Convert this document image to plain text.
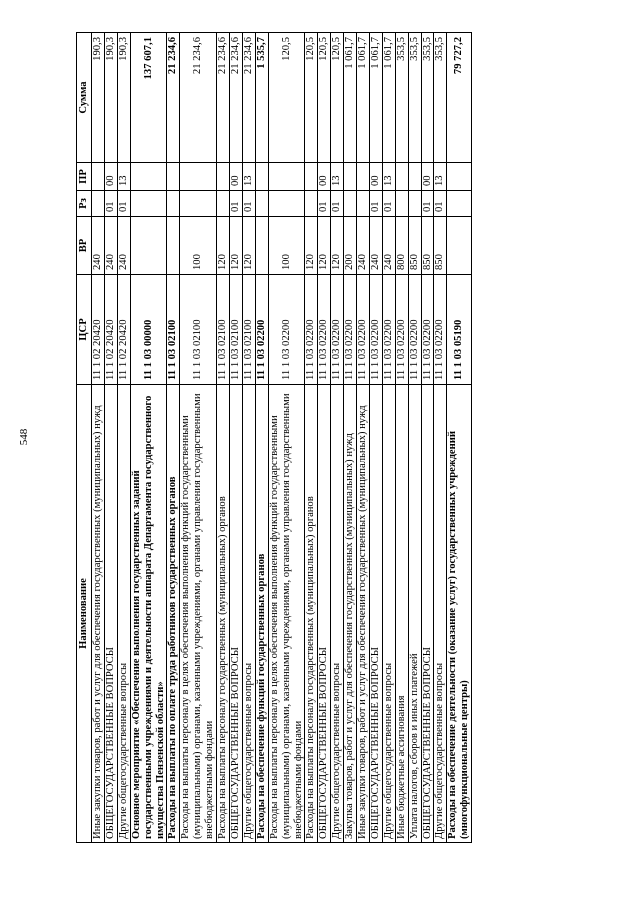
548
Наименование	ЦСР	ВР	Рз	ПР	Сумма
Иные закупки товаров, работ и услуг для обеспечения государственных (муниципальных) нужд	11 1 02 20420	240			190,3
ОБЩЕГОСУДАРСТВЕННЫЕ ВОПРОСЫ	11 1 02 20420	240	01	00	190,3
Другие общегосударственные вопросы	11 1 02 20420	240	01	13	190,3
Основное мероприятие «Обеспечение выполнения государственных заданий государственными учреждениями и деятельности аппарата Департамента государственного имущества Пензенской области»	11 1 03 00000				137 607,1
Расходы на выплаты по оплате труда работников государственных органов	11 1 03 02100				21 234,6
Расходы на выплаты персоналу в целях обеспечения выполнения функций государственными (муниципальными) органами, казенными учреждениями, органами управления государственными внебюджетными фондами	11 1 03 02100	100			21 234,6
Расходы на выплаты персоналу государственных (муниципальных) органов	11 1 03 02100	120			21 234,6
ОБЩЕГОСУДАРСТВЕННЫЕ ВОПРОСЫ	11 1 03 02100	120	01	00	21 234,6
Другие общегосударственные вопросы	11 1 03 02100	120	01	13	21 234,6
Расходы на обеспечение функций государственных органов	11 1 03 02200				1 535,7
Расходы на выплаты персоналу в целях обеспечения выполнения функций государственными (муниципальными) органами, казенными учреждениями, органами управления государственными внебюджетными фондами	11 1 03 02200	100			120,5
Расходы на выплаты персоналу государственных (муниципальных) органов	11 1 03 02200	120			120,5
ОБЩЕГОСУДАРСТВЕННЫЕ ВОПРОСЫ	11 1 03 02200	120	01	00	120,5
Другие общегосударственные вопросы	11 1 03 02200	120	01	13	120,5
Закупка товаров, работ и услуг для обеспечения государственных (муниципальных) нужд	11 1 03 02200	200			1 061,7
Иные закупки товаров, работ и услуг для обеспечения государственных (муниципальных) нужд	11 1 03 02200	240			1 061,7
ОБЩЕГОСУДАРСТВЕННЫЕ ВОПРОСЫ	11 1 03 02200	240	01	00	1 061,7
Другие общегосударственные вопросы	11 1 03 02200	240	01	13	1 061,7
Иные бюджетные ассигнования	11 1 03 02200	800			353,5
Уплата налогов, сборов и иных платежей	11 1 03 02200	850			353,5
ОБЩЕГОСУДАРСТВЕННЫЕ ВОПРОСЫ	11 1 03 02200	850	01	00	353,5
Другие общегосударственные вопросы	11 1 03 02200	850	01	13	353,5
Расходы на обеспечение деятельности (оказание услуг) государственных учреждений (многофункциональные центры)	11 1 03 05190				79 727,2
